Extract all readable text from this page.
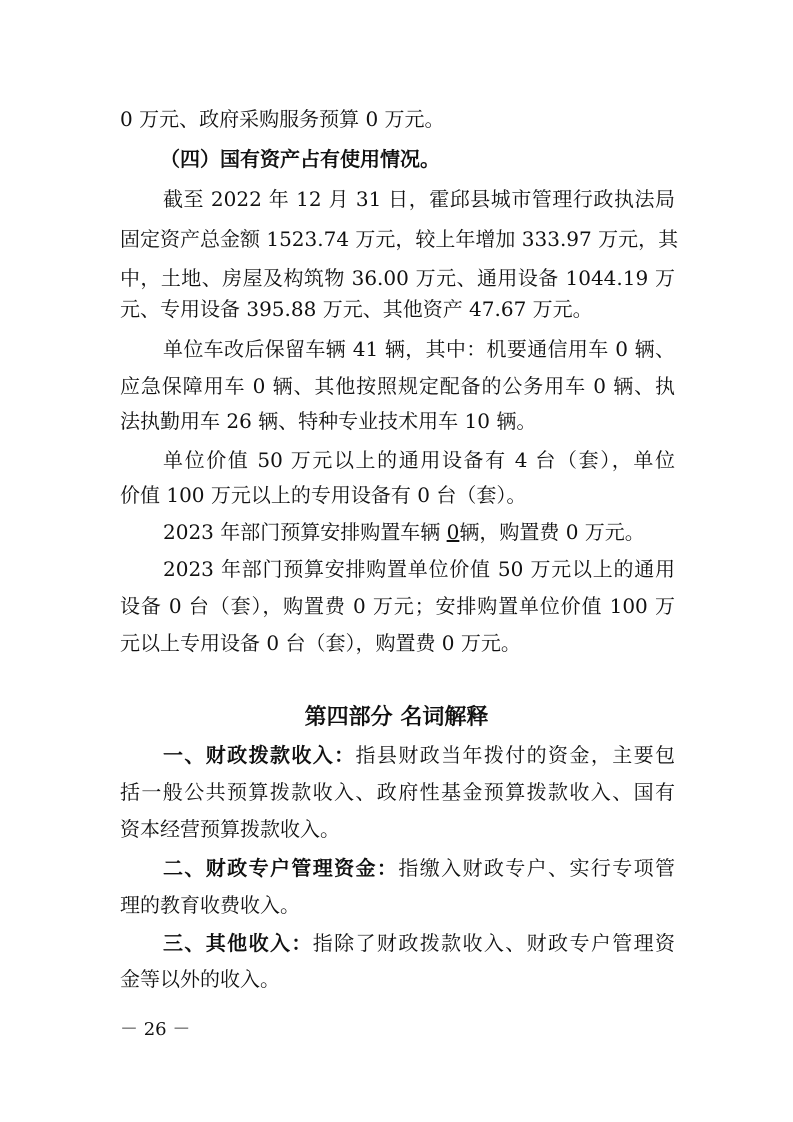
0 万元、政府采购服务预算 0 万元。
（四）国有资产占有使用情况。
截至 2022 年 12 月 31 日，霍邱县城市管理行政执法局
固定资产总金额 1523.74 万元，较上年增加 333.97 万元，其
中，土地、房屋及构筑物 36.00 万元、通用设备 1044.19 万
元、专用设备 395.88 万元、其他资产 47.67 万元。
单位车改后保留车辆 41 辆，其中：机要通信用车 0 辆、
应急保障用车 0 辆、其他按照规定配备的公务用车 0 辆、执
法执勤用车 26 辆、特种专业技术用车 10 辆。
单位价值 50 万元以上的通用设备有 4 台（套），单位
价值 100 万元以上的专用设备有 0 台（套）。
2023 年部门预算安排购置车辆 0辆，购置费 0 万元。
2023 年部门预算安排购置单位价值 50 万元以上的通用
设备 0 台（套），购置费 0 万元；安排购置单位价值 100 万
元以上专用设备 0 台（套），购置费 0 万元。
第四部分 名词解释
一、财政拨款收入：指县财政当年拨付的资金，主要包
括一般公共预算拨款收入、政府性基金预算拨款收入、国有
资本经营预算拨款收入。
二、财政专户管理资金：指缴入财政专户、实行专项管
理的教育收费收入。
三、其他收入：指除了财政拨款收入、财政专户管理资
金等以外的收入。
－ 26 －
